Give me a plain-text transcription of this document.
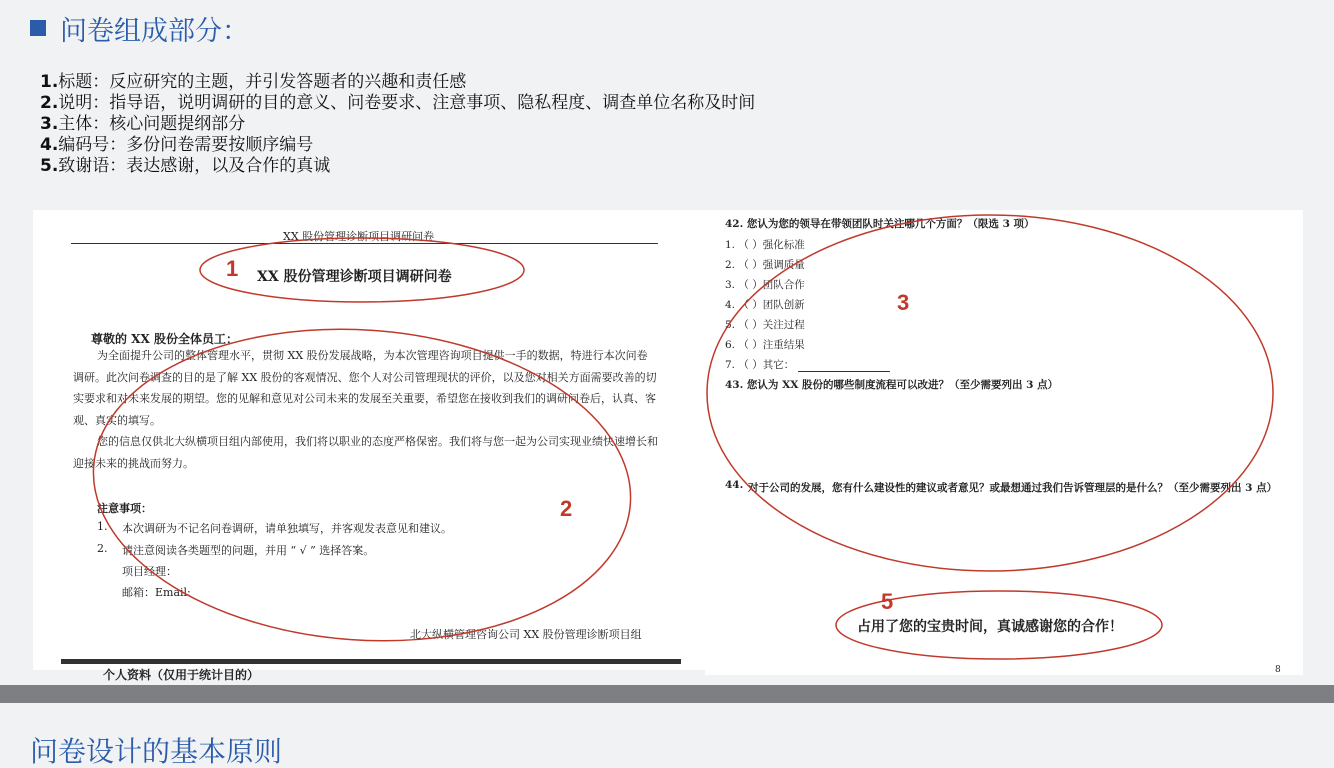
问卷组成部分：
1.标题：反应研究的主题，并引发答题者的兴趣和责任感
2.说明：指导语，说明调研的目的意义、问卷要求、注意事项、隐私程度、调查单位名称及时间
3.主体：核心问题提纲部分
4.编码号：多份问卷需要按顺序编号
5.致谢语：表达感谢，以及合作的真诚
XX 股份管理诊断项目调研问卷
XX 股份管理诊断项目调研问卷
尊敬的 XX 股份全体员工：
为全面提升公司的整体管理水平，贯彻 XX 股份发展战略，为本次管理咨询项目提供一手的数据，特进行本次问卷调研。此次问卷调查的目的是了解 XX 股份的客观情况、您个人对公司管理现状的评价，以及您对相关方面需要改善的切实要求和对未来发展的期望。您的见解和意见对公司未来的发展至关重要，希望您在接收到我们的调研问卷后，认真、客观、真实的填写。
您的信息仅供北大纵横项目组内部使用，我们将以职业的态度严格保密。我们将与您一起为公司实现业绩快速增长和迎接未来的挑战而努力。
注意事项：
1. 本次调研为不记名问卷调研，请单独填写，并客观发表意见和建议。
2. 请注意阅读各类题型的问题，并用 “ √ ” 选择答案。
项目经理：
邮箱：Email:
北大纵横管理咨询公司 XX 股份管理诊断项目组
个人资料（仅用于统计目的）
42. 您认为您的领导在带领团队时关注哪几个方面？（限选 3 项）
1. （ ）强化标准
2. （ ）强调质量
3. （ ）团队合作
4. （ ）团队创新
5. （ ）关注过程
6. （ ）注重结果
7. （ ）其它：
43. 您认为 XX 股份的哪些制度流程可以改进？（至少需要列出 3 点）
44. 对于公司的发展，您有什么建设性的建议或者意见？或最想通过我们告诉管理层的是什么？（至少需要列出 3 点）
占用了您的宝贵时间，真诚感谢您的合作！
8
1
2
3
5
问卷设计的基本原则
